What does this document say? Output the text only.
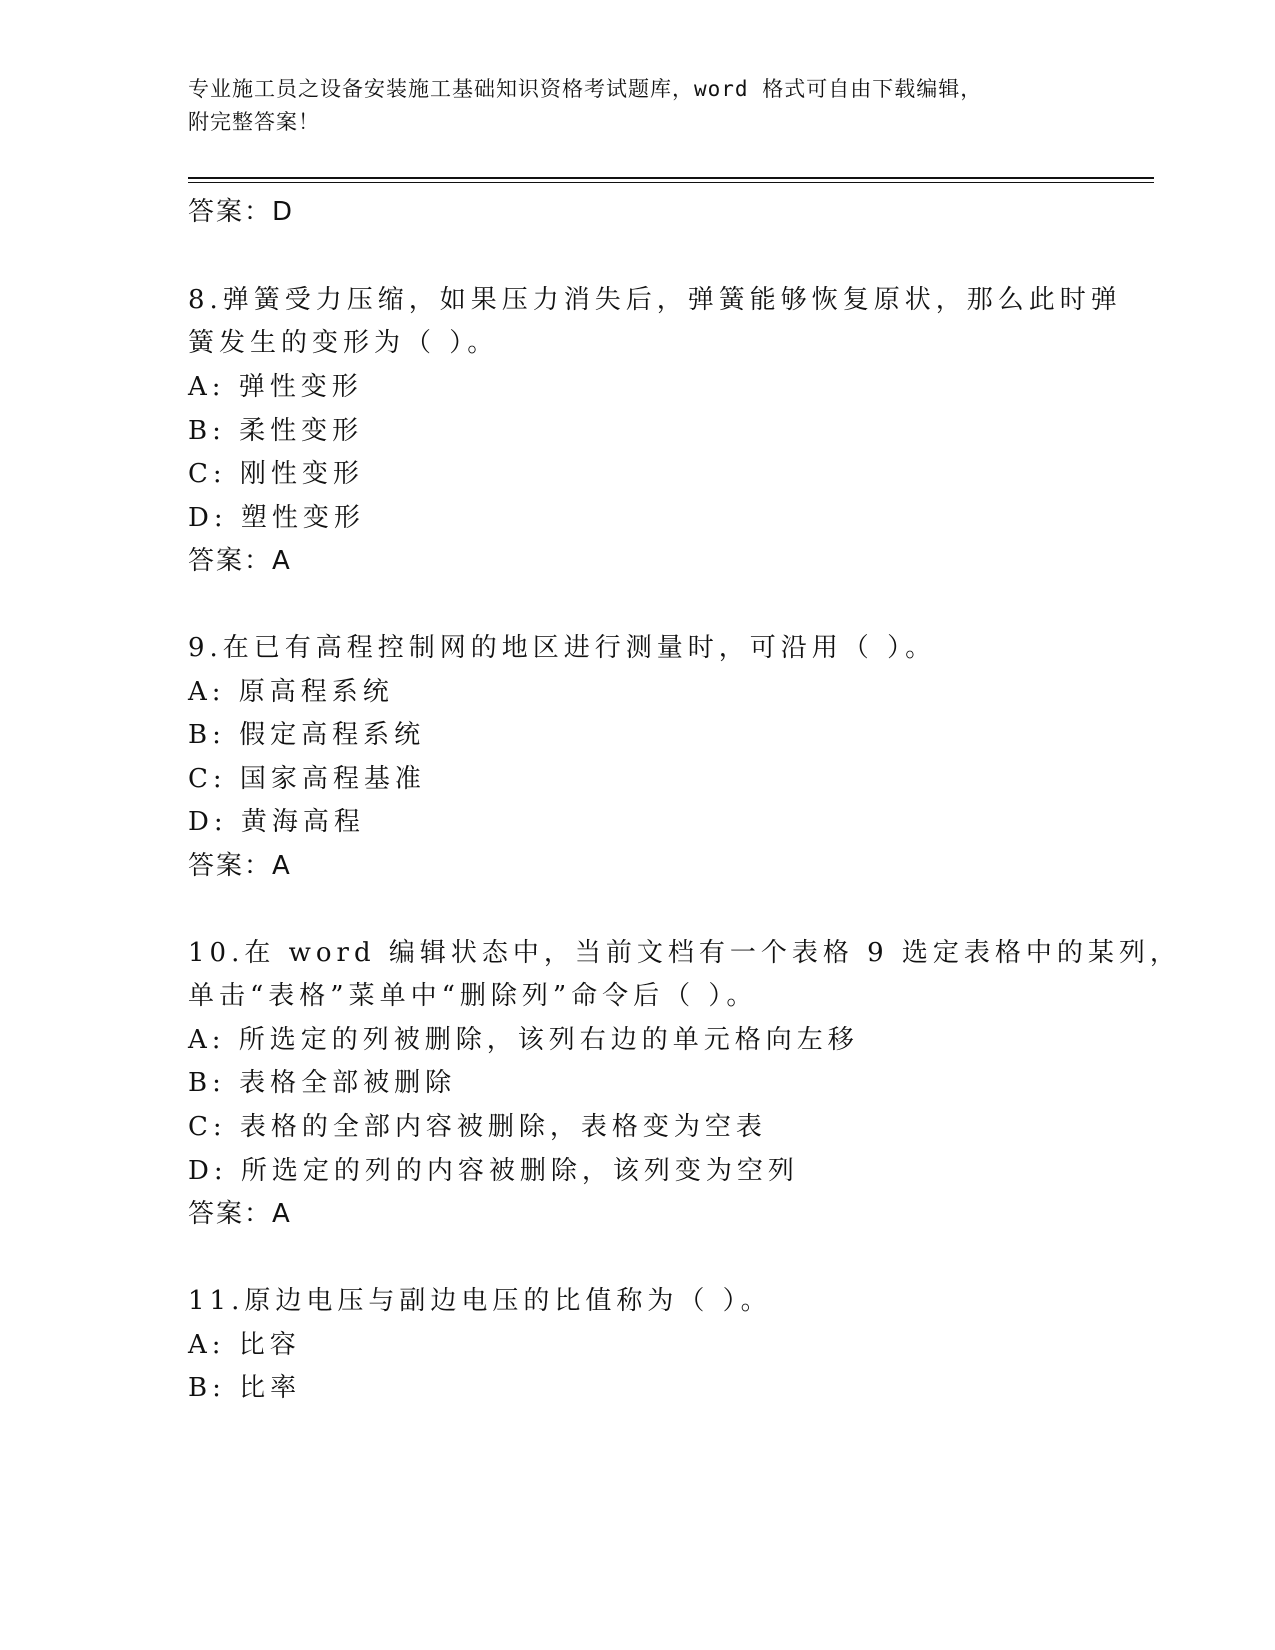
专业施工员之设备安装施工基础知识资格考试题库，word 格式可自由下载编辑，
附完整答案！
答案：D
8.弹簧受力压缩，如果压力消失后，弹簧能够恢复原状，那么此时弹
簧发生的变形为（ ）。
A: 弹性变形
B: 柔性变形
C: 刚性变形
D: 塑性变形
答案：A
9.在已有高程控制网的地区进行测量时，可沿用（ ）。
A: 原高程系统
B: 假定高程系统
C: 国家高程基准
D: 黄海高程
答案：A
10.在 word 编辑状态中，当前文档有一个表格 9 选定表格中的某列，
单击“表格”菜单中“删除列”命令后（ ）。
A: 所选定的列被删除，该列右边的单元格向左移
B: 表格全部被删除
C: 表格的全部内容被删除，表格变为空表
D: 所选定的列的内容被删除，该列变为空列
答案：A
11.原边电压与副边电压的比值称为（ ）。
A: 比容
B: 比率
